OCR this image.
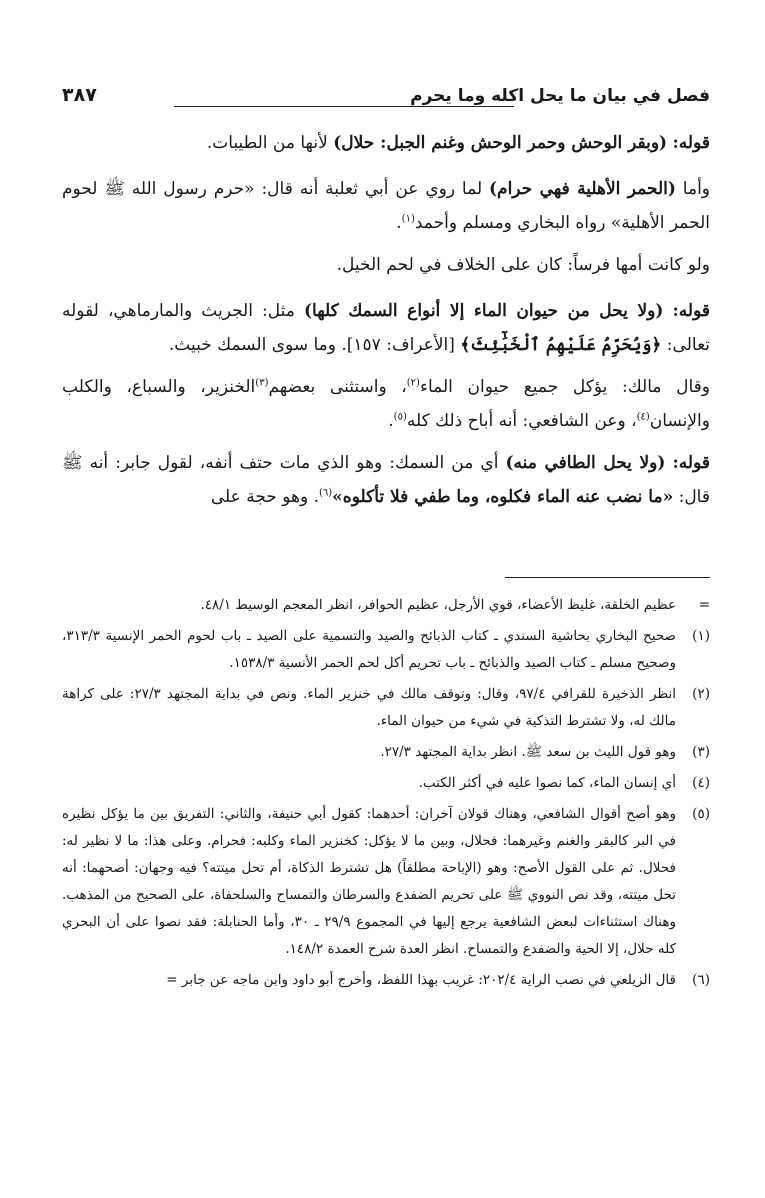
فصل في بيان ما يحل اكله وما يحرم
٣٨٧

قوله: (وبقر الوحش وحمر الوحش وغنم الجبل: حلال) لأنها من الطيبات.

وأما (الحمر الأهلية فهي حرام) لما روي عن أبي ثعلبة أنه قال: «حرم رسول الله ﷺ لحوم الحمر الأهلية» رواه البخاري ومسلم وأحمد$^{(١)}$.

ولو كانت أمها فرساً: كان على الخلاف في لحم الخيل.

قوله: (ولا يحل من حيوان الماء إلا أنواع السمك كلها) مثل: الجريث والمارماهي، لقوله تعالى: ﴿وَيُحَرِّمُ عَلَيْهِمُ ٱلْخَبَٰٓئِثَ﴾ [الأعراف: ١٥٧]. وما سوى السمك خبيث.

وقال مالك: يؤكل جميع حيوان الماء$^{(٢)}$، واستثنى بعضهم$^{(٣)}$الخنزير، والسباع، والكلب والإنسان$^{(٤)}$، وعن الشافعي: أنه أباح ذلك كله$^{(٥)}$.

قوله: (ولا يحل الطافي منه) أي من السمك: وهو الذي مات حتف أنفه، لقول جابر: أنه ﷺ قال: «ما نضب عنه الماء فكلوه، وما طفي فلا تأكلوه»$^{(٦)}$. وهو حجة على

=
عظيم الخلقة، غليظ الأعضاء، قوي الأرجل، عظيم الحوافر، انظر المعجم الوسيط ٤٨/١.
(١)
صحيح البخاري بحاشية السندي ـ كتاب الذبائح والصيد والتسمية على الصيد ـ باب لحوم الحمر الإنسية ٣١٣/٣، وصحيح مسلم ـ كتاب الصيد والذبائح ـ باب تحريم أكل لحم الحمر الأنسية ١٥٣٨/٣.
(٢)
انظر الذخيرة للقرافي ٩٧/٤، وقال: وتوقف مالك في خنزير الماء. ونص في بداية المجتهد ٢٧/٣: على كراهة مالك له، ولا تشترط التذكية في شيء من حيوان الماء.
(٣)
وهو قول الليث بن سعد ﷺ. انظر بداية المجتهد ٢٧/٣.
(٤)
أي إنسان الماء، كما نصوا عليه في أكثر الكتب.
(٥)
وهو أصح أقوال الشافعي، وهناك قولان آخران: أحدهما: كقول أبي حنيفة، والثاني: التفريق بين ما يؤكل نظيره في البر كالبقر والغنم وغيرهما: فحلال، وبين ما لا يؤكل: كخنزير الماء وكلبه: فحرام. وعلى هذا: ما لا نظير له: فحلال. ثم على القول الأصح: وهو (الإباحة مطلقاً) هل تشترط الذكاة، أم تحل ميتته؟ فيه وجهان: أصحهما: أنه تحل ميتته، وقد نص النووي ﷺ على تحريم الضفدع والسرطان والتمساح والسلحفاة، على الصحيح من المذهب. وهناك استثناءات لبعض الشافعية يرجع إليها في المجموع ٢٩/٩ ـ ٣٠، وأما الحنابلة: فقد نصوا على أن البحري كله حلال، إلا الحية والضفدع والتمساح. انظر العدة شرح العمدة ١٤٨/٢.
(٦)
قال الزيلعي في نصب الراية ٢٠٢/٤: غريب بهذا اللفظ، وأخرج أبو داود وابن ماجه عن جابر =
